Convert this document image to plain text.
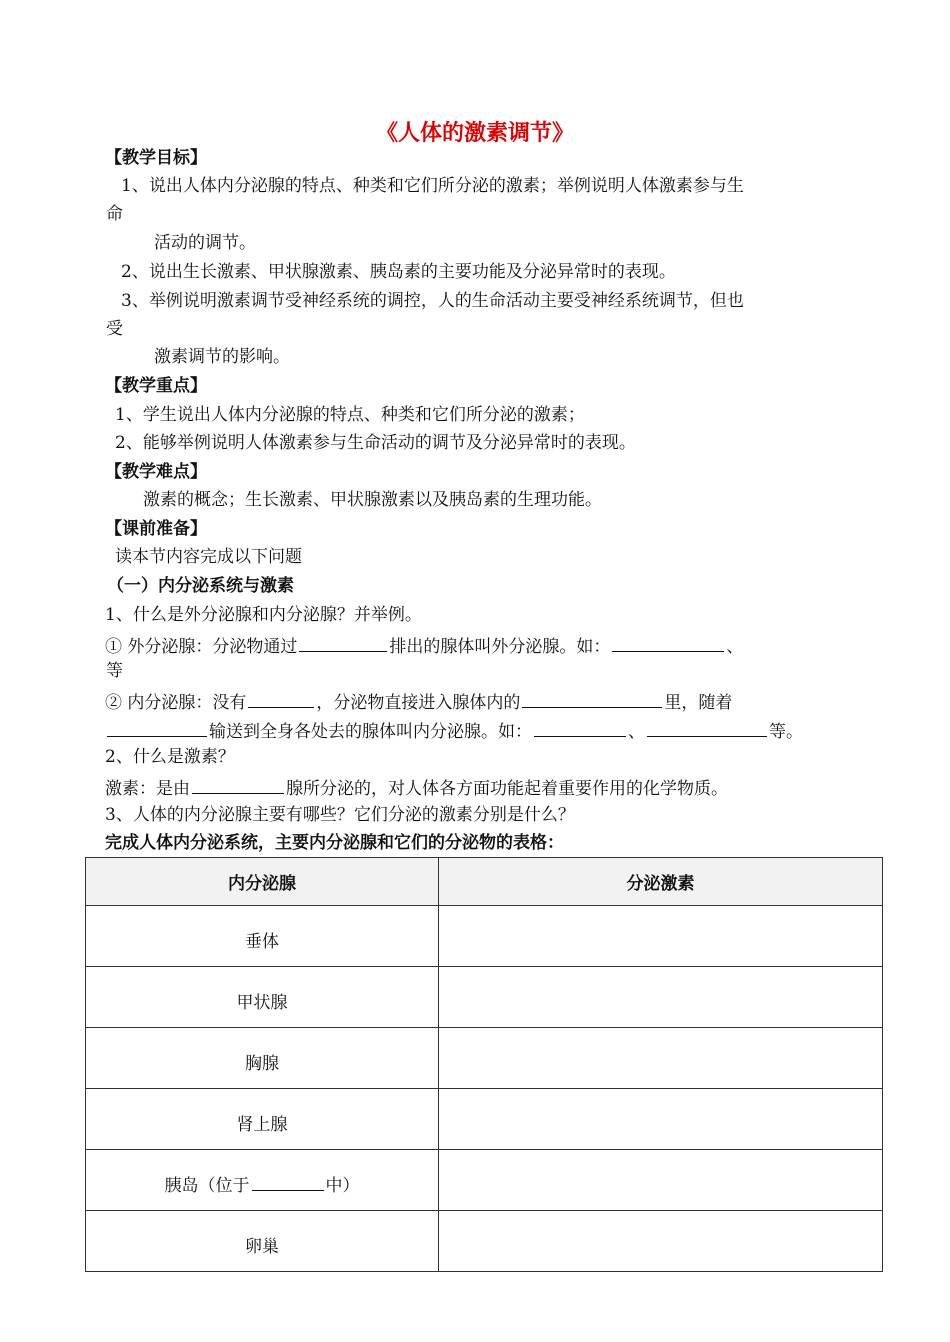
《人体的激素调节》
【教学目标】
1、说出人体内分泌腺的特点、种类和它们所分泌的激素；举例说明人体激素参与生
命
活动的调节。
2、说出生长激素、甲状腺激素、胰岛素的主要功能及分泌异常时的表现。
3、举例说明激素调节受神经系统的调控，人的生命活动主要受神经系统调节，但也
受
激素调节的影响。
【教学重点】
1、学生说出人体内分泌腺的特点、种类和它们所分泌的激素；
2、能够举例说明人体激素参与生命活动的调节及分泌异常时的表现。
【教学难点】
激素的概念；生长激素、甲状腺激素以及胰岛素的生理功能。
【课前准备】
读本节内容完成以下问题
（一）内分泌系统与激素
1、什么是外分泌腺和内分泌腺？并举例。
① 外分泌腺：分泌物通过	排出的腺体叫外分泌腺。如：	、
等
② 内分泌腺：没有	，分泌物直接进入腺体内的	里，随着
输送到全身各处去的腺体叫内分泌腺。如：	、	等。
2、什么是激素？
激素：是由	腺所分泌的，对人体各方面功能起着重要作用的化学物质。
3、人体的内分泌腺主要有哪些？它们分泌的激素分别是什么？
完成人体内分泌系统，主要内分泌腺和它们的分泌物的表格：
内分泌腺	分泌激素
垂体	
甲状腺	
胸腺	
肾上腺	
胰岛（位于 中）	
卵巢	
